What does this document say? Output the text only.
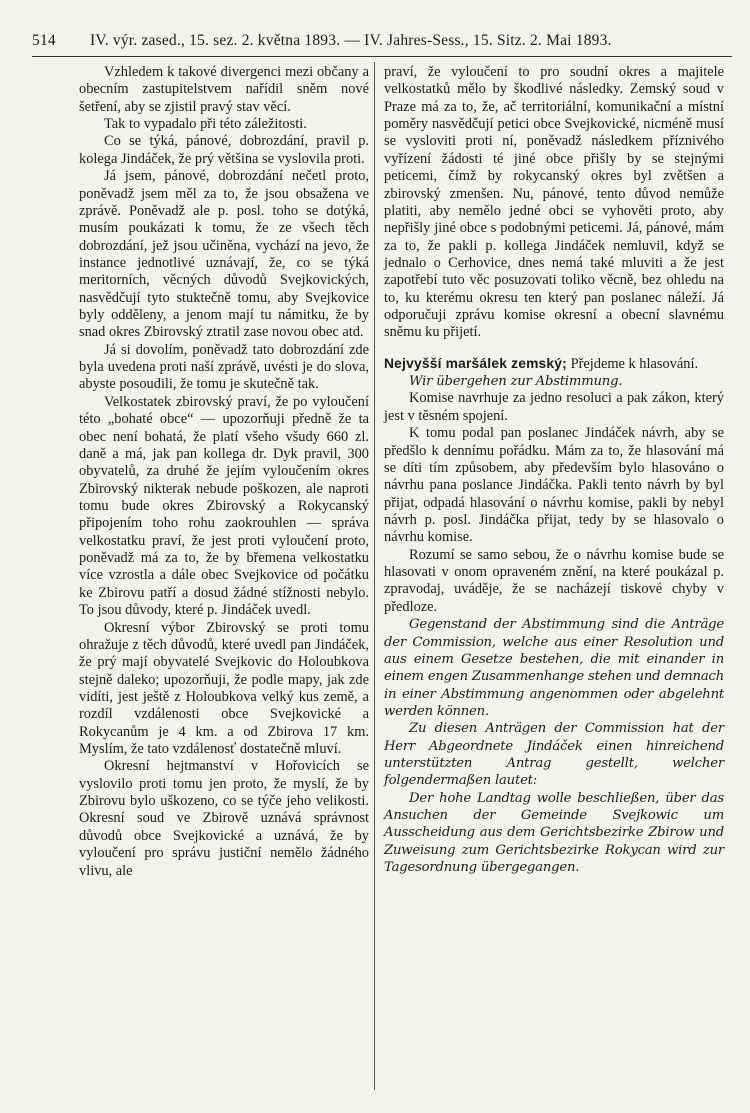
514 IV. výr. zased., 15. sez. 2. května 1893. — IV. Jahres-Sess., 15. Sitz. 2. Mai 1893.

Vzhledem k takové divergenci mezi občany a obecním zastupitelstvem nařídil sněm nové šetření, aby se zjistil pravý stav věcí.

Tak to vypadalo při této záležitosti.

Co se týká, pánové, dobrozdání, pravil p. kolega Jindáček, že prý většina se vyslovila proti.

Já jsem, pánové, dobrozdání nečetl proto, poněvadž jsem měl za to, že jsou obsažena ve zprávě. Poněvadž ale p. posl. toho se dotýká, musím poukázati k tomu, že ze všech těch dobrozdání, jež jsou učiněna, vychází na jevo, že instance jednotlivé uznávají, že, co se týká meritorních, věcných důvodů Svejkovických, nasvědčují tyto stuktečně tomu, aby Svejkovice byly odděleny, a jenom mají tu námitku, že by snad okres Zbirovský ztratil zase novou obec atd.

Já si dovolím, poněvadž tato dobrozdání zde byla uvedena proti naší zprávě, uvésti je do slova, abyste posoudili, že tomu je skutečně tak.

Velkostatek zbirovský praví, že po vyloučení této „bohaté obce“ — upozorňuji předně že ta obec není bohatá, že platí všeho všudy 660 zl. daně a má, jak pan kollega dr. Dyk pravil, 300 obyvatelů, za druhé že jejím vyloučením okres Zbirovský nikterak nebude poškozen, ale naproti tomu bude okres Zbirovský a Rokycanský připojením toho rohu zaokrouhlen — správa velkostatku praví, že jest proti vyloučení proto, poněvadž má za to, že by břemena velkostatku více vzrostla a dále obec Svejkovice od počátku ke Zbirovu patří a dosud žádné stížnosti nebylo. To jsou důvody, které p. Jindáček uvedl.

Okresní výbor Zbirovský se proti tomu ohražuje z těch důvodů, které uvedl pan Jindáček, že prý mají obyvatelé Svejkovic do Holoubkova stejně daleko; upozorňuji, že podle mapy, jak zde vidíti, jest ještě z Holoubkova velký kus země, a rozdíl vzdálenosti obce Svejkovické a Rokycanům je 4 km. a od Zbirova 17 km. Myslím, že tato vzdálenosť dostatečně mluví.

Okresní hejtmanství v Hořovicích se vyslovilo proti tomu jen proto, že myslí, že by Zbirovu bylo uškozeno, co se týče jeho velikosti. Okresní soud ve Zbirově uznává správnost důvodů obce Svejkovické a uznává, že by vyloučení pro správu justiční nemělo žádného vlivu, ale

praví, že vyloučení to pro soudní okres a majitele velkostatků mělo by škodlivé následky. Zemský soud v Praze má za to, že, ač territoriální, komunikační a místní poměry nasvědčují petici obce Svejkovické, nicméně musí se vysloviti proti ní, poněvadž následkem příznivého vyřízení žádosti té jiné obce přišly by se stejnými peticemi, čímž by rokycanský okres byl zvětšen a zbirovský zmenšen. Nu, pánové, tento důvod nemůže platiti, aby nemělo jedné obci se vyhověti proto, aby nepřišly jiné obce s podobnými peticemi. Já, pánové, mám za to, že pakli p. kollega Jindáček nemluvil, když se jednalo o Cerhovice, dnes nemá také mluviti a že jest zapotřebí tuto věc posuzovati toliko věcně, bez ohledu na to, ku kterému okresu ten který pan poslanec náleží. Já odporučuji zprávu komise okresní a obecní slavnému sněmu ku přijetí.

Nejvyšší maršálek zemský; Přejdeme k hlasování.

Wir übergehen zur Abstimmung.

Komise navrhuje za jedno resoluci a pak zákon, který jest v těsném spojení.

K tomu podal pan poslanec Jindáček návrh, aby se předšlo k dennímu pořádku. Mám za to, že hlasování má se díti tím způsobem, aby především bylo hlasováno o návrhu pana poslance Jindáčka. Pakli tento návrh by byl přijat, odpadá hlasování o návrhu komise, pakli by nebyl návrh p. posl. Jindáčka přijat, tedy by se hlasovalo o návrhu komise.

Rozumí se samo sebou, že o návrhu komise bude se hlasovati v onom opraveném znění, na které poukázal p. zpravodaj, uváděje, že se nacházejí tiskové chyby v předloze.

Gegenstand der Abstimmung sind die Anträge der Commission, welche aus einer Resolution und aus einem Gesetze bestehen, die mit einander in einem engen Zusammenhange stehen und demnach in einer Abstimmung angenommen oder abgelehnt werden können.

Zu diesen Anträgen der Commission hat der Herr Abgeordnete Jindáček einen hinreichend unterstützten Antrag gestellt, welcher folgendermaßen lautet:

Der hohe Landtag wolle beschließen, über das Ansuchen der Gemeinde Svejkowic um Ausscheidung aus dem Gerichtsbezirke Zbirow und Zuweisung zum Gerichtsbezirke Rokycan wird zur Tagesordnung übergegangen.
